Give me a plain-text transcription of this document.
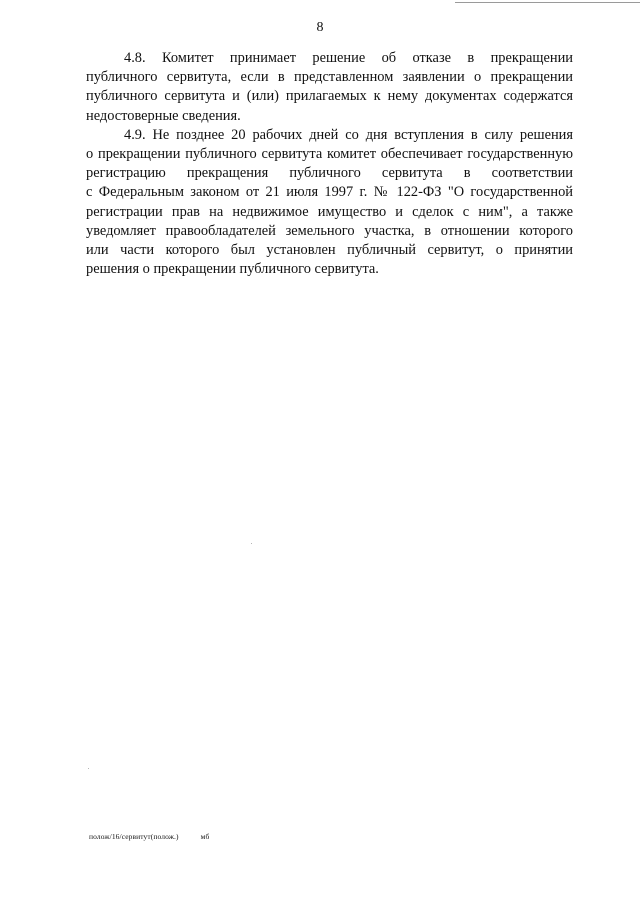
8
4.8. Комитет принимает решение об отказе в прекращении
публичного сервитута, если в представленном заявлении о прекращении
публичного сервитута и (или) прилагаемых к нему документах содержатся
недостоверные сведения.
4.9. Не позднее 20 рабочих дней со дня вступления в силу решения
о прекращении публичного сервитута комитет обеспечивает государственную
регистрацию прекращения публичного сервитута в соответствии
с Федеральным законом от 21 июля 1997 г. № 122-ФЗ "О государственной
регистрации прав на недвижимое имущество и сделок с ним", а также
уведомляет правообладателей земельного участка, в отношении которого
или части которого был установлен публичный сервитут, о принятии
решения о прекращении публичного сервитута.
полож/16/сервитут(полож.)	мб
